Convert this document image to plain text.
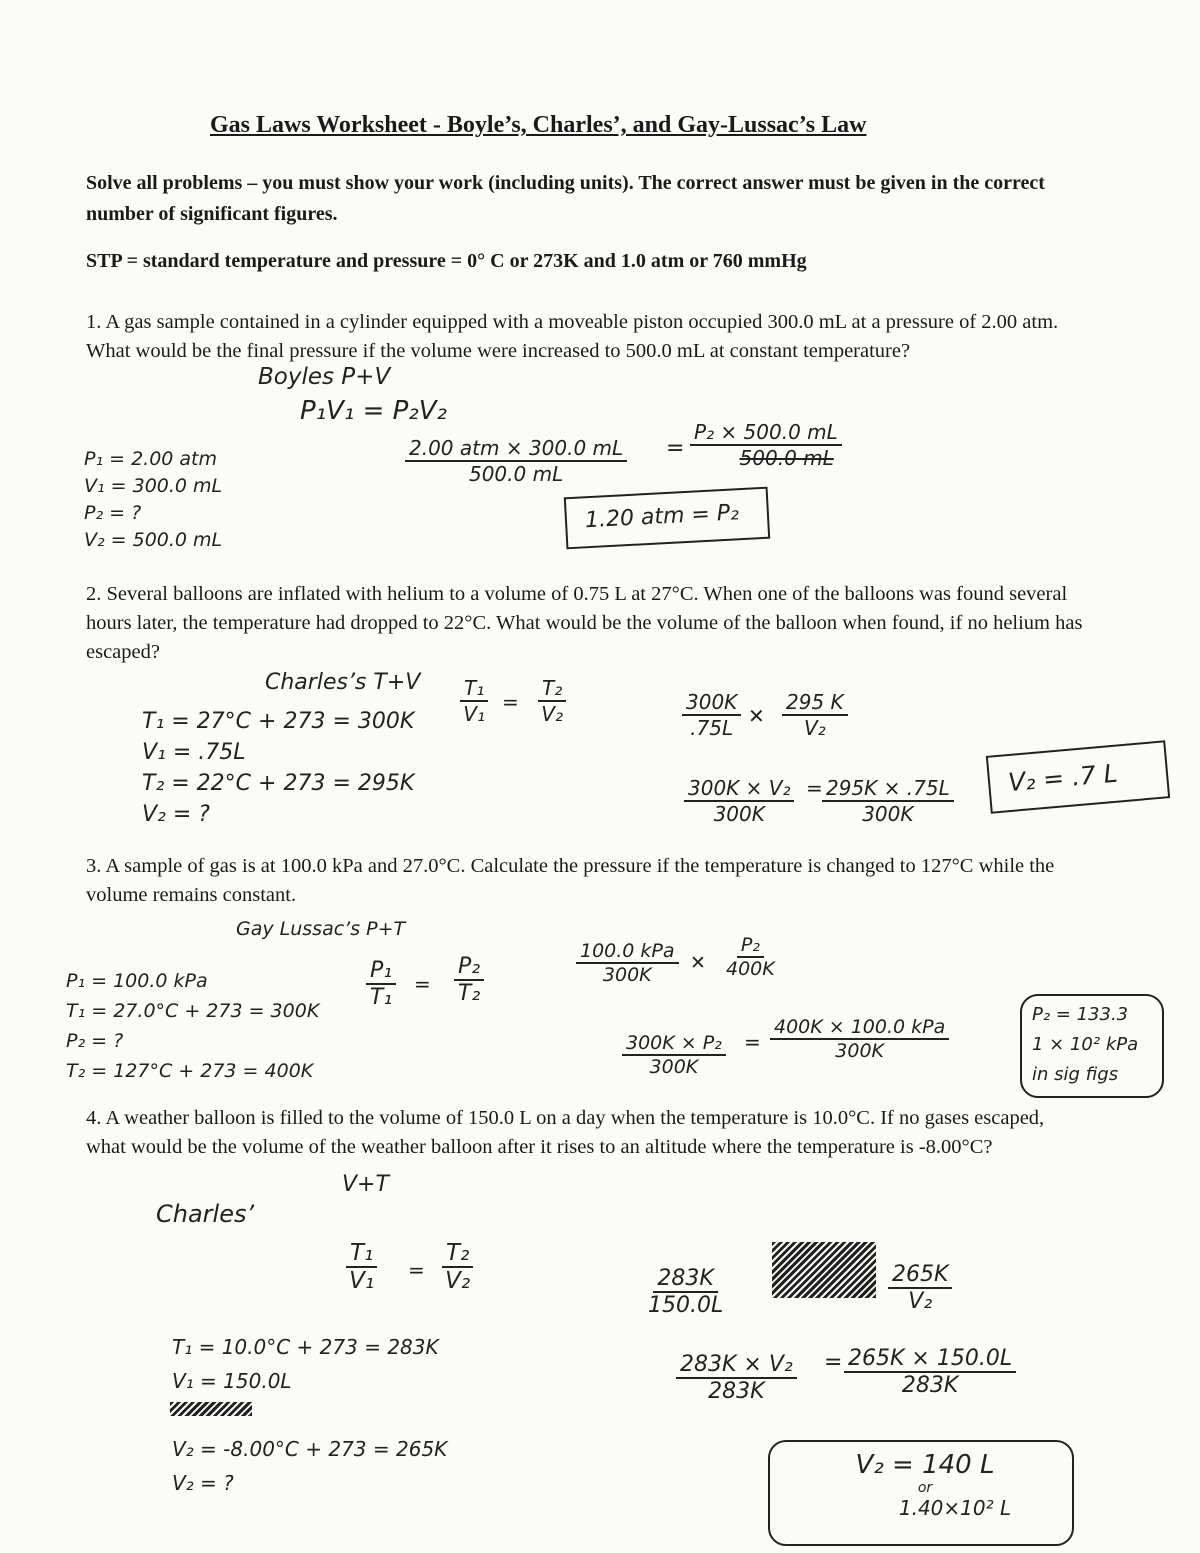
Gas Laws Worksheet - Boyle’s, Charles’, and Gay-Lussac’s Law
Solve all problems – you must show your work (including units). The correct answer must be given in the correct number of significant figures.
STP = standard temperature and pressure = 0° C or 273K and 1.0 atm or 760 mmHg
1. A gas sample contained in a cylinder equipped with a moveable piston occupied 300.0 mL at a pressure of 2.00 atm. What would be the final pressure if the volume were increased to 500.0 mL at constant temperature?
Boyles P+V
P₁V₁ = P₂V₂
P₁ = 2.00 atm
V₁ = 300.0 mL
P₂ = ?
V₂ = 500.0 mL
2.00 atm × 300.0 mL
500.0 mL
= $\frac{\text{P₂ × 500.0 mL}}{500.0 mL}$
1.20 atm = P₂
2. Several balloons are inflated with helium to a volume of 0.75 L at 27°C. When one of the balloons was found several hours later, the temperature had dropped to 22°C. What would be the volume of the balloon when found, if no helium has escaped?
Charles’s $T+V \frac{\text{T₁}}{\text{V₁}} = \frac{\text{T₂}}{\text{V₂}}$
T₁ = 27°C + 273 = 300K
V₁ = .75L
T₂ = 22°C + 273 = 295K
V₂ = ?
$\frac{300K}{.75L}$ ✕ $\frac{295 K}{\text{V₂}}$
$\frac{\text{300K × V₂}}{300K} = \frac{295K \times .75L}{300K} V_2 = .7$ L
3. A sample of gas is at 100.0 kPa and 27.0°C. Calculate the pressure if the temperature is changed to 127°C while the volume remains constant.
Gay Lussac’s P+T
$\frac{\text{P₁}}{\text{T₁}} = \frac{\text{P₂}}{\text{T₂}}$
P₁ = 100.0 kPa
T₁ = 27.0°C + 273 = 300K
P₂ = ?
T₂ = 127°C + 273 = 400K
100.0 kPa
300K
✕ $\frac{\text{P₂}}{400K}$
$\frac{\text{300K × P₂}}{300K}$ =
400K × 100.0 kPa
300K
P₂ = 133.3
1 × 10² kPa
in sig figs
4. A weather balloon is filled to the volume of 150.0 L on a day when the temperature is 10.0°C. If no gases escaped, what would be the volume of the weather balloon after it rises to an altitude where the temperature is -8.00°C?
V+T
Charles’
$\frac{\text{T₁}}{\text{V₁}} = \frac{\text{T₂}}{\text{V₂}}$
T₁ = 10.0°C + 273 = 283K
V₁ = 150.0L
V₂ = -8.00°C + 273 = 265K
V₂ = ?
$\frac{283K}{150.0L}$	$\frac{265K}{\text{V₂}}$
$\frac{\text{283K × V₂}}{283K} = \frac{265K \times 150.0L}{283K}$
V₂ = 140 L
or
1.40×10² L
